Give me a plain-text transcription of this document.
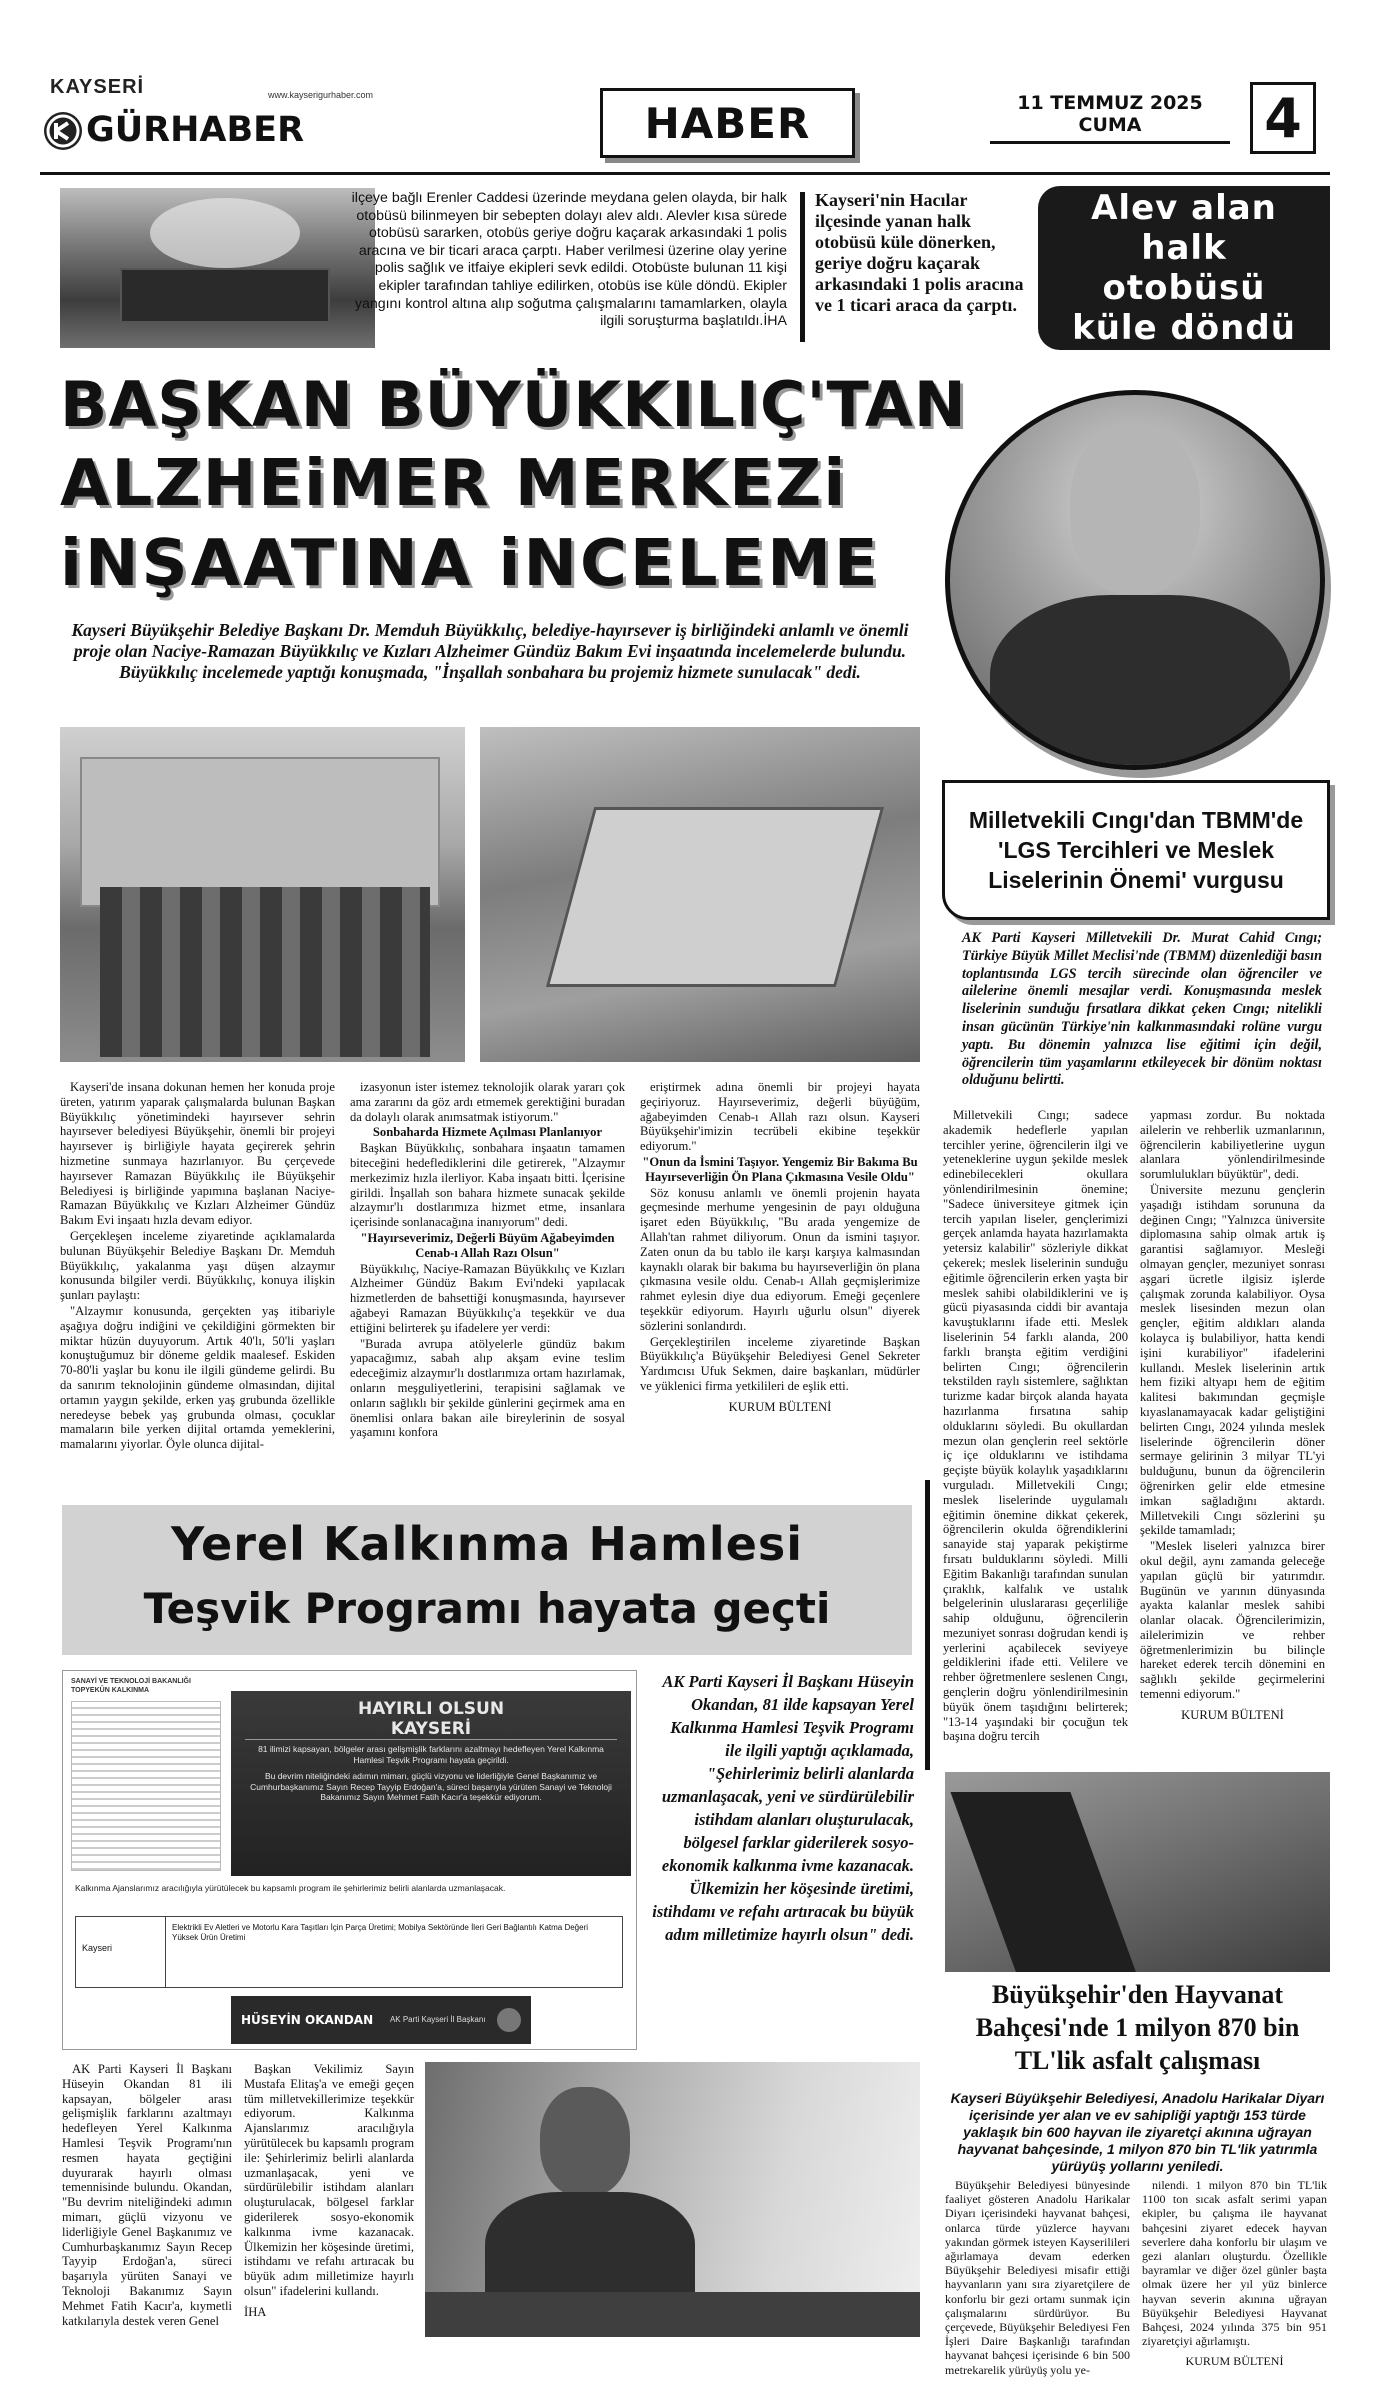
KAYSERİ
GÜRHABER
www.kayserigurhaber.com
HABER	11 TEMMUZ 2025
CUMA	4
ilçeye bağlı Erenler Caddesi üzerinde meydana gelen olayda, bir halk otobüsü bilinmeyen bir sebepten dolayı alev aldı. Alevler kısa sürede otobüsü sararken, otobüs geriye doğru kaçarak arkasındaki 1 polis aracına ve bir ticari araca çarptı. Haber verilmesi üzerine olay yerine polis sağlık ve itfaiye ekipleri sevk edildi. Otobüste bulunan 11 kişi ekipler tarafından tahliye edilirken, otobüs ise küle döndü. Ekipler yangını kontrol altına alıp soğutma çalışmalarını tamamlarken, olayla ilgili soruşturma başlatıldı.İHA
Kayseri'nin Hacılar ilçesinde yanan halk otobüsü küle dönerken, geriye doğru kaçarak arkasındaki 1 polis aracına ve 1 ticari araca da çarptı.
Alev alan halk otobüsü küle döndü
BAŞKAN BÜYÜKKILIÇ'TAN
ALZHEiMER MERKEZi
iNŞAATINA iNCELEME
Kayseri Büyükşehir Belediye Başkanı Dr. Memduh Büyükkılıç, belediye-hayırsever iş birliğindeki anlamlı ve önemli proje olan Naciye-Ramazan Büyükkılıç ve Kızları Alzheimer Gündüz Bakım Evi inşaatında incelemelerde bulundu. Büyükkılıç incelemede yaptığı konuşmada, "İnşallah sonbahara bu projemiz hizmete sunulacak" dedi.

Kayseri'de insana dokunan hemen her konuda proje üreten, yatırım yaparak çalışmalarda bulunan Başkan Büyükkılıç yönetimindeki hayırsever sehrin hayırsever belediyesi Büyükşehir, önemli bir projeyi hayırsever iş birliğiyle hayata geçirerek şehrin hizmetine sunmaya hazırlanıyor. Bu çerçevede hayırsever Ramazan Büyükkılıç ile Büyükşehir Belediyesi iş birliğinde yapımına başlanan Naciye-Ramazan Büyükkılıç ve Kızları Alzheimer Gündüz Bakım Evi inşaatı hızla devam ediyor.

Gerçekleşen inceleme ziyaretinde açıklamalarda bulunan Büyükşehir Belediye Başkanı Dr. Memduh Büyükkılıç, yakalanma yaşı düşen alzaymır konusunda bilgiler verdi. Büyükkılıç, konuya ilişkin şunları paylaştı:

"Alzaymır konusunda, gerçekten yaş itibariyle aşağıya doğru indiğini ve çekildiğini görmekten bir miktar hüzün duyuyorum. Artık 40'lı, 50'li yaşları konuştuğumuz bir döneme geldik maalesef. Eskiden 70-80'li yaşlar bu konu ile ilgili gündeme gelirdi. Bu da sanırım teknolojinin gündeme olmasından, dijital ortamın yaygın şekilde, erken yaş grubunda özellikle neredeyse bebek yaş grubunda olması, çocuklar mamaların bile yerken dijital ortamda yemeklerini, mamalarını yiyorlar. Öyle olunca dijital-

izasyonun ister istemez teknolojik olarak yararı çok ama zararını da göz ardı etmemek gerektiğini buradan da dolaylı olarak anımsatmak istiyorum."

Sonbaharda Hizmete Açılması Planlanıyor

Başkan Büyükkılıç, sonbahara inşaatın tamamen biteceğini hedeflediklerini dile getirerek, "Alzaymır merkezimiz hızla ilerliyor. Kaba inşaatı bitti. İçerisine girildi. İnşallah son bahara hizmete sunacak şekilde alzaymır'lı dostlarımıza hizmet etme, insanlara içerisinde sonlanacağına inanıyorum" dedi.

"Hayırseverimiz, Değerli Büyüm Ağabeyimden Cenab-ı Allah Razı Olsun"

Büyükkılıç, Naciye-Ramazan Büyükkılıç ve Kızları Alzheimer Gündüz Bakım Evi'ndeki yapılacak hizmetlerden de bahsettiği konuşmasında, hayırsever ağabeyi Ramazan Büyükkılıç'a teşekkür ve dua ettiğini belirterek şu ifadelere yer verdi:

"Burada avrupa atölyelerle gündüz bakım yapacağımız, sabah alıp akşam evine teslim edeceğimiz alzaymır'lı dostlarımıza ortam hazırlamak, onların meşguliyetlerini, terapisini sağlamak ve onların sağlıklı bir şekilde günlerini geçirmek ama en önemlisi onlara bakan aile bireylerinin de sosyal yaşamını konfora

eriştirmek adına önemli bir projeyi hayata geçiriyoruz. Hayırseverimiz, değerli büyüğüm, ağabeyimden Cenab-ı Allah razı olsun. Kayseri Büyükşehir'imizin tecrübeli ekibine teşekkür ediyorum."

"Onun da İsmini Taşıyor. Yengemiz Bir Bakıma Bu Hayırseverliğin Ön Plana Çıkmasına Vesile Oldu"

Söz konusu anlamlı ve önemli projenin hayata geçmesinde merhume yengesinin de payı olduğuna işaret eden Büyükkılıç, "Bu arada yengemize de Allah'tan rahmet diliyorum. Onun da ismini taşıyor. Zaten onun da bu tablo ile karşı karşıya kalmasından kaynaklı olarak bir bakıma bu hayırseverliğin ön plana çıkmasına vesile oldu. Cenab-ı Allah geçmişlerimize rahmet eylesin diye dua ediyorum. Emeği geçenlere teşekkür ediyorum. Hayırlı uğurlu olsun" diyerek sözlerini sonlandırdı.

Gerçekleştirilen inceleme ziyaretinde Başkan Büyükkılıç'a Büyükşehir Belediyesi Genel Sekreter Yardımcısı Ufuk Sekmen, daire başkanları, müdürler ve yüklenici firma yetkilileri de eşlik etti.

KURUM BÜLTENİ

Milletvekili Cıngı'dan TBMM'de 'LGS Tercihleri ve Meslek Liselerinin Önemi' vurgusu
AK Parti Kayseri Milletvekili Dr. Murat Cahid Cıngı; Türkiye Büyük Millet Meclisi'nde (TBMM) düzenlediği basın toplantısında LGS tercih sürecinde olan öğrenciler ve ailelerine önemli mesajlar verdi. Konuşmasında meslek liselerinin sunduğu fırsatlara dikkat çeken Cıngı; nitelikli insan gücünün Türkiye'nin kalkınmasındaki rolüne vurgu yaptı. Bu dönemin yalnızca lise eğitimi için değil, öğrencilerin tüm yaşamlarını etkileyecek bir dönüm noktası olduğunu belirtti.

Milletvekili Cıngı; sadece akademik hedeflerle yapılan tercihler yerine, öğrencilerin ilgi ve yeteneklerine uygun şekilde meslek edinebilecekleri okullara yönlendirilmesinin önemine; "Sadece üniversiteye gitmek için tercih yapılan liseler, gençlerimizi gerçek anlamda hayata hazırlamakta yetersiz kalabilir" sözleriyle dikkat çekerek; meslek liselerinin sunduğu eğitimle öğrencilerin erken yaşta bir meslek sahibi olabildiklerini ve iş gücü piyasasında ciddi bir avantaja kavuştuklarını ifade etti. Meslek liselerinin 54 farklı alanda, 200 farklı branşta eğitim verdiğini belirten Cıngı; öğrencilerin tekstilden raylı sistemlere, sağlıktan turizme kadar birçok alanda hayata hazırlanma fırsatına sahip olduklarını söyledi. Bu okullardan mezun olan gençlerin reel sektörle iç içe olduklarını ve istihdama geçişte büyük kolaylık yaşadıklarını vurguladı. Milletvekili Cıngı; meslek liselerinde uygulamalı eğitimin önemine dikkat çekerek, öğrencilerin okulda öğrendiklerini sanayide staj yaparak pekiştirme fırsatı bulduklarını söyledi. Milli Eğitim Bakanlığı tarafından sunulan çıraklık, kalfalık ve ustalık belgelerinin uluslararası geçerliliğe sahip olduğunu, öğrencilerin mezuniyet sonrası doğrudan kendi iş yerlerini açabilecek seviyeye geldiklerini ifade etti. Velilere ve rehber öğretmenlere seslenen Cıngı, gençlerin doğru yönlendirilmesinin büyük önem taşıdığını belirterek; "13-14 yaşındaki bir çocuğun tek başına doğru tercih

yapması zordur. Bu noktada ailelerin ve rehberlik uzmanlarının, öğrencilerin kabiliyetlerine uygun alanlara yönlendirilmesinde sorumlulukları büyüktür", dedi.

Üniversite mezunu gençlerin yaşadığı istihdam sorununa da değinen Cıngı; "Yalnızca üniversite diplomasına sahip olmak artık iş garantisi sağlamıyor. Mesleği olmayan gençler, mezuniyet sonrası aşgari ücretle ilgisiz işlerde çalışmak zorunda kalabiliyor. Oysa meslek lisesinden mezun olan gençler, eğitim aldıkları alanda kolayca iş bulabiliyor, hatta kendi işini kurabiliyor" ifadelerini kullandı. Meslek liselerinin artık hem fiziki altyapı hem de eğitim kalitesi bakımından geçmişle kıyaslanamayacak kadar geliştiğini belirten Cıngı, 2024 yılında meslek liselerinde öğrencilerin döner sermaye gelirinin 3 milyar TL'yi bulduğunu, bunun da öğrencilerin öğrenirken gelir elde etmesine imkan sağladığını aktardı. Milletvekili Cıngı sözlerini şu şekilde tamamladı;

"Meslek liseleri yalnızca birer okul değil, aynı zamanda geleceğe yapılan güçlü bir yatırımdır. Bugünün ve yarının dünyasında ayakta kalanlar meslek sahibi olanlar olacak. Öğrencilerimizin, ailelerimizin ve rehber öğretmenlerimizin bu bilinçle hareket ederek tercih dönemini en sağlıklı şekilde geçirmelerini temenni ediyorum."

KURUM BÜLTENİ

Yerel Kalkınma Hamlesi
Teşvik Programı hayata geçti
SANAYİ VE TEKNOLOJİ BAKANLIĞI TOPYEKÛN KALKINMA
HAYIRLI OLSUN
KAYSERİ
81 ilimizi kapsayan, bölgeler arası gelişmişlik farklarını azaltmayı hedefleyen Yerel Kalkınma Hamlesi Teşvik Programı hayata geçirildi.
Bu devrim niteliğindeki adımın mimarı, güçlü vizyonu ve liderliğiyle Genel Başkanımız ve Cumhurbaşkanımız Sayın Recep Tayyip Erdoğan'a, süreci başarıyla yürüten Sanayi ve Teknoloji Bakanımız Sayın Mehmet Fatih Kacır'a teşekkür ediyorum.
Kalkınma Ajanslarımız aracılığıyla yürütülecek bu kapsamlı program ile şehirlerimiz belirli alanlarda uzmanlaşacak.
Kayseri
Elektrikli Ev Aletleri ve Motorlu Kara Taşıtları İçin Parça Üretimi; Mobilya Sektöründe İleri Geri Bağlantılı Katma Değeri Yüksek Ürün Üretimi
HÜSEYİN OKANDAN	AK Parti Kayseri İl Başkanı
AK Parti Kayseri İl Başkanı Hüseyin Okandan, 81 ilde kapsayan Yerel Kalkınma Hamlesi Teşvik Programı ile ilgili yaptığı açıklamada, "Şehirlerimiz belirli alanlarda uzmanlaşacak, yeni ve sürdürülebilir istihdam alanları oluşturulacak, bölgesel farklar giderilerek sosyo-ekonomik kalkınma ivme kazanacak. Ülkemizin her köşesinde üretimi, istihdamı ve refahı artıracak bu büyük adım milletimize hayırlı olsun" dedi.

AK Parti Kayseri İl Başkanı Hüseyin Okandan 81 ili kapsayan, bölgeler arası gelişmişlik farklarını azaltmayı hedefleyen Yerel Kalkınma Hamlesi Teşvik Programı'nın resmen hayata geçtiğini duyurarak hayırlı olması temennisinde bulundu. Okandan, "Bu devrim niteliğindeki adımın mimarı, güçlü vizyonu ve liderliğiyle Genel Başkanımız ve Cumhurbaşkanımız Sayın Recep Tayyip Erdoğan'a, süreci başarıyla yürüten Sanayi ve Teknoloji Bakanımız Sayın Mehmet Fatih Kacır'a, kıymetli katkılarıyla destek veren Genel

Başkan Vekilimiz Sayın Mustafa Elitaş'a ve emeği geçen tüm milletvekillerimize teşekkür ediyorum. Kalkınma Ajanslarımız aracılığıyla yürütülecek bu kapsamlı program ile: Şehirlerimiz belirli alanlarda uzmanlaşacak, yeni ve sürdürülebilir istihdam alanları oluşturulacak, bölgesel farklar giderilerek sosyo-ekonomik kalkınma ivme kazanacak. Ülkemizin her köşesinde üretimi, istihdamı ve refahı artıracak bu büyük adım milletimize hayırlı olsun" ifadelerini kullandı.

İHA

Büyükşehir'den Hayvanat Bahçesi'nde 1 milyon 870 bin TL'lik asfalt çalışması
Kayseri Büyükşehir Belediyesi, Anadolu Harikalar Diyarı içerisinde yer alan ve ev sahipliği yaptığı 153 türde yaklaşık bin 600 hayvan ile ziyaretçi akınına uğrayan hayvanat bahçesinde, 1 milyon 870 bin TL'lik yatırımla yürüyüş yollarını yeniledi.

Büyükşehir Belediyesi bünyesinde faaliyet gösteren Anadolu Harikalar Diyarı içerisindeki hayvanat bahçesi, onlarca türde yüzlerce hayvanı yakından görmek isteyen Kayserilileri ağırlamaya devam ederken Büyükşehir Belediyesi misafir ettiği hayvanların yanı sıra ziyaretçilere de konforlu bir gezi ortamı sunmak için çalışmalarını sürdürüyor. Bu çerçevede, Büyükşehir Belediyesi Fen İşleri Daire Başkanlığı tarafından hayvanat bahçesi içerisinde 6 bin 500 metrekarelik yürüyüş yolu ye-

nilendi. 1 milyon 870 bin TL'lik 1100 ton sıcak asfalt serimi yapan ekipler, bu çalışma ile hayvanat bahçesini ziyaret edecek hayvan severlere daha konforlu bir ulaşım ve gezi alanları oluşturdu. Özellikle bayramlar ve diğer özel günler başta olmak üzere her yıl yüz binlerce hayvan severin akınına uğrayan Büyükşehir Belediyesi Hayvanat Bahçesi, 2024 yılında 375 bin 951 ziyaretçiyi ağırlamıştı.

KURUM BÜLTENİ
